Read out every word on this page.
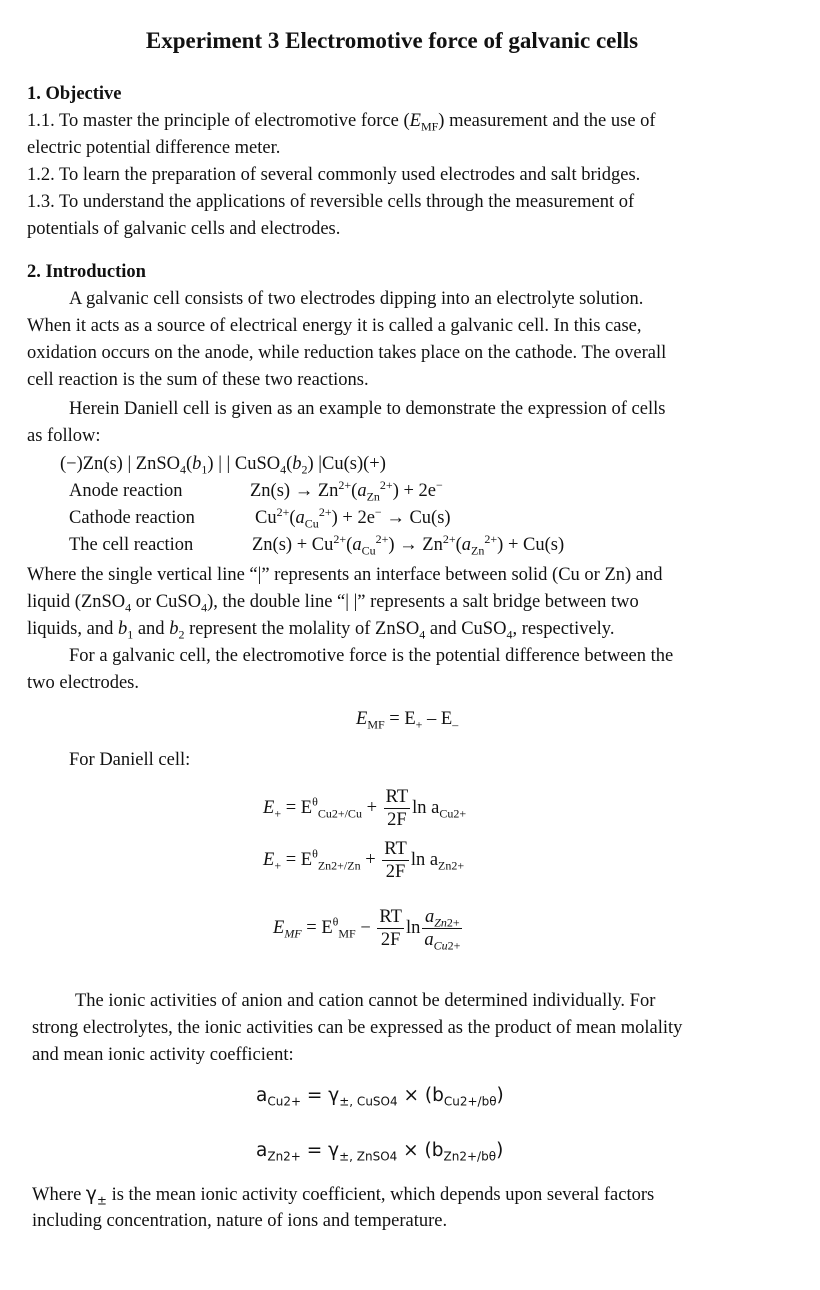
Experiment 3 Electromotive force of galvanic cells
1. Objective
1.1. To master the principle of electromotive force $(E_{MF})$ measurement and the use of
electric potential difference meter.
1.2. To learn the preparation of several commonly used electrodes and salt bridges.
1.3. To understand the applications of reversible cells through the measurement of
potentials of galvanic cells and electrodes.
2. Introduction
A galvanic cell consists of two electrodes dipping into an electrolyte solution.
When it acts as a source of electrical energy it is called a galvanic cell. In this case,
oxidation occurs on the anode, while reduction takes place on the cathode. The overall
cell reaction is the sum of these two reactions.
Herein Daniell cell is given as an example to demonstrate the expression of cells
as follow:
(−)Zn(s) | $ZnSO_4(b_1)$ | | $CuSO_4(b_2)$ |Cu(s)(+)
Anode reaction	$Zn(s) \to Zn^{2+}(a_{Zn}^{2+}) + 2e^-$
Cathode reaction	$Cu^{2+}(a_{Cu}^{2+}) + 2e^- \to Cu(s)$
The cell reaction	$Zn(s) + Cu^{2+}(a_{Cu}^{2+}) \to Zn^{2+}(a_{Zn}^{2+}) + Cu(s)$
Where the single vertical line “|” represents an interface between solid (Cu or Zn) and
liquid (ZnSO$_4$ or CuSO$_4$), the double line “| |” represents a salt bridge between two
liquids, and $b_1$ and $b_2$ represent the molality of ZnSO$_4$ and CuSO$_4$, respectively.
For a galvanic cell, the electromotive force is the potential difference between the
two electrodes.
$E_{MF} = E_+ - E_-$
For Daniell cell:
$E_+ = E^\theta_{Cu2+/Cu} + \frac{RT}{2F}$ $\ln a_{Cu2+}$
$E_+ = E^\theta_{Zn2+/Zn} + \frac{RT}{2F}$ $\ln a_{Zn2+}$
$E_{MF} = E^\theta_{MF} - \frac{RT}{2F}$ $\ln \frac{a_{Zn2+}}{a_{Cu2+}}$
The ionic activities of anion and cation cannot be determined individually. For
strong electrolytes, the ionic activities can be expressed as the product of mean molality
and mean ionic activity coefficient:
$a_{Cu2+} = \gamma_{\pm, CuSO4} \times (b_{Cu2+/b\theta})$
$a_{Zn2+} = \gamma_{\pm, ZnSO4} \times (b_{Zn2+/b\theta})$
Where $\gamma_\pm$ is the mean ionic activity coefficient, which depends upon several factors
including concentration, nature of ions and temperature.
